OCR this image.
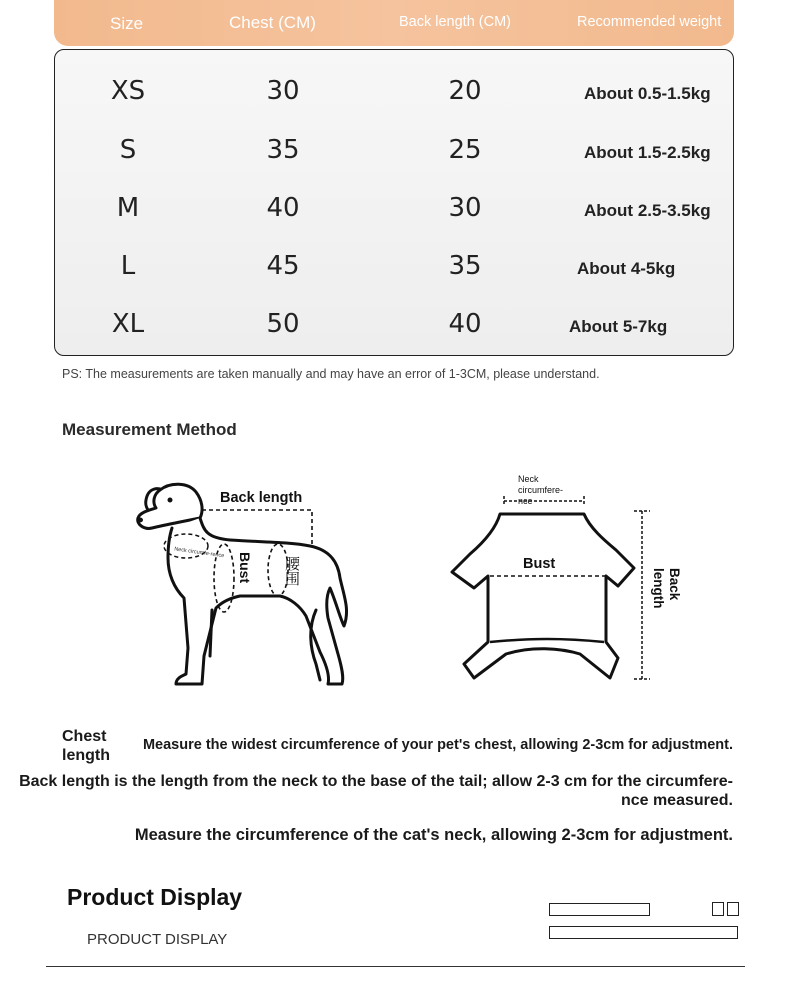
Size	Chest (CM)	Back length (CM)	Recommended weight
XS	30	20	About 0.5-1.5kg
S	35	25	About 1.5-2.5kg
M	40	30	About 2.5-3.5kg
L	45	35	About 4-5kg
XL	50	40	About 5-7kg
PS: The measurements are taken manually and may have an error of 1-3CM, please understand.
Measurement Method
Back length
Neck circumfe-rence Bust 腰围
Neck
circumfere-
nce
Bust
Back
length
Chest
length
Measure the widest circumference of your pet's chest, allowing 2-3cm for adjustment.
Back length is the length from the neck to the base of the tail; allow 2-3 cm for the circumfere-
nce measured.
Measure the circumference of the cat's neck, allowing 2-3cm for adjustment.
Product Display
PRODUCT DISPLAY
